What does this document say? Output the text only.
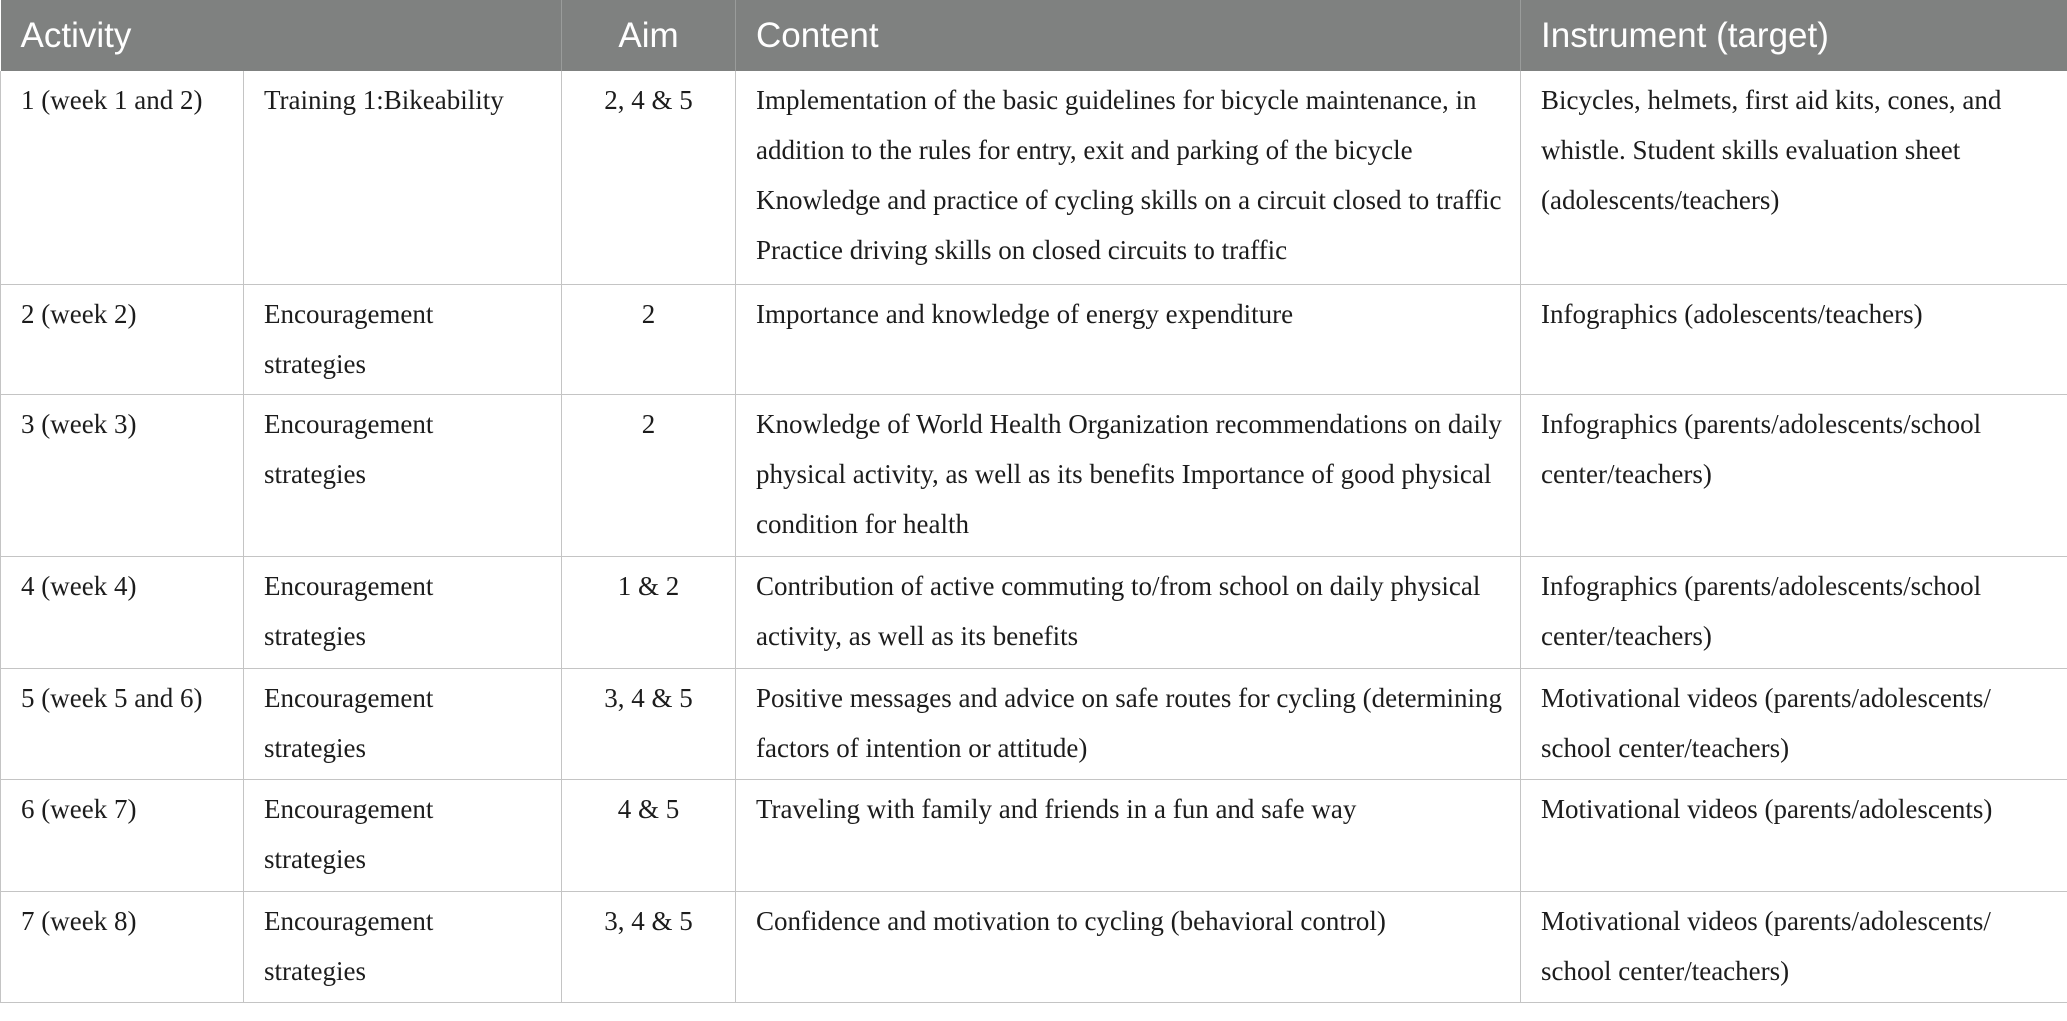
Activity		Aim	Content	Instrument (target)
1 (week 1 and 2)	Training 1:Bikeability	2, 4 & 5	Implementation of the basic guidelines for bicycle maintenance, in addition to the rules for entry, exit and parking of the bicycle Knowledge and practice of cycling skills on a circuit closed to traffic Practice driving skills on closed circuits to traffic	Bicycles, helmets, first aid kits, cones, and whistle. Student skills evaluation sheet (adolescents/teachers)
2 (week 2)	Encouragement strategies	2	Importance and knowledge of energy expenditure	Infographics (adolescents/teachers)
3 (week 3)	Encouragement strategies	2	Knowledge of World Health Organization recommendations on daily physical activity, as well as its benefits Importance of good physical condition for health	Infographics (parents/adolescents/school center/teachers)
4 (week 4)	Encouragement strategies	1 & 2	Contribution of active commuting to/from school on daily physical activity, as well as its benefits	Infographics (parents/adolescents/school center/teachers)
5 (week 5 and 6)	Encouragement strategies	3, 4 & 5	Positive messages and advice on safe routes for cycling (determining factors of intention or attitude)	Motivational videos (parents/adolescents/ school center/teachers)
6 (week 7)	Encouragement strategies	4 & 5	Traveling with family and friends in a fun and safe way	Motivational videos (parents/adolescents)
7 (week 8)	Encouragement strategies	3, 4 & 5	Confidence and motivation to cycling (behavioral control)	Motivational videos (parents/adolescents/ school center/teachers)
